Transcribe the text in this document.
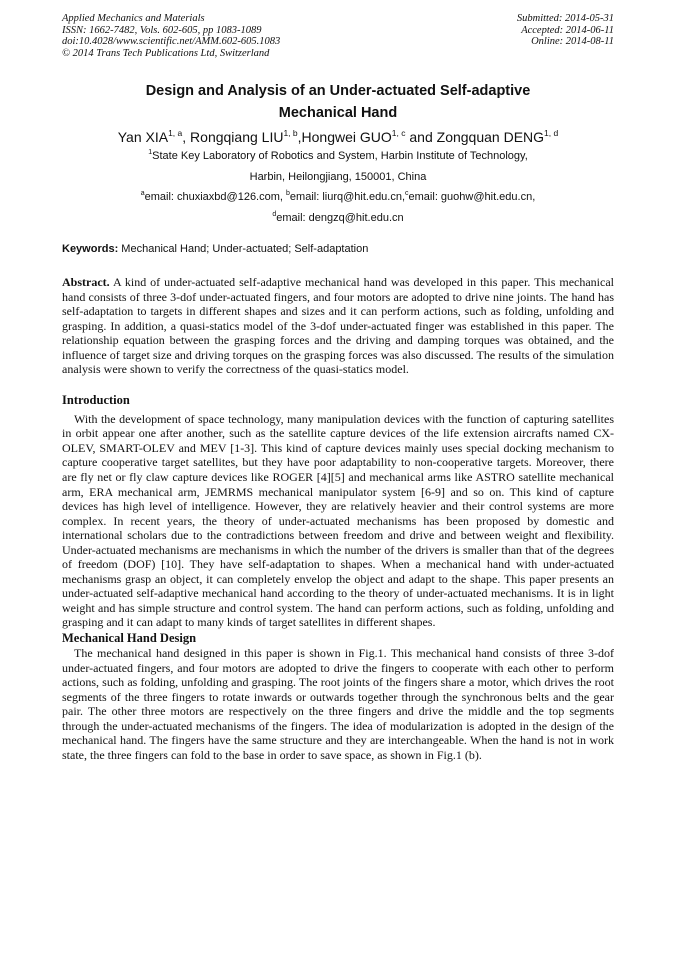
Applied Mechanics and Materials
ISSN: 1662-7482, Vols. 602-605, pp 1083-1089
doi:10.4028/www.scientific.net/AMM.602-605.1083
© 2014 Trans Tech Publications Ltd, Switzerland
Submitted: 2014-05-31
Accepted: 2014-06-11
Online: 2014-08-11
Design and Analysis of an Under-actuated Self-adaptive
Mechanical Hand
Yan XIA$^{1, a}$, Rongqiang LIU$^{1, b}$,Hongwei GUO$^{1, c}$ and Zongquan DENG$^{1, d}$
$^1$State Key Laboratory of Robotics and System, Harbin Institute of Technology,
Harbin, Heilongjiang, 150001, China
$^a$email: chuxiaxbd@126.com, $^b$email: liurq@hit.edu.cn,$^c$email: guohw@hit.edu.cn,
$^d$email: dengzq@hit.edu.cn
Keywords: Mechanical Hand; Under-actuated; Self-adaptation
Abstract. A kind of under-actuated self-adaptive mechanical hand was developed in this paper. This mechanical hand consists of three 3-dof under-actuated fingers, and four motors are adopted to drive nine joints. The hand has self-adaptation to targets in different shapes and sizes and it can perform actions, such as folding, unfolding and grasping. In addition, a quasi-statics model of the 3-dof under-actuated finger was established in this paper. The relationship equation between the grasping forces and the driving and damping torques was obtained, and the influence of target size and driving torques on the grasping forces was also discussed. The results of the simulation analysis were shown to verify the correctness of the quasi-statics model.
Introduction

With the development of space technology, many manipulation devices with the function of capturing satellites in orbit appear one after another, such as the satellite capture devices of the life extension aircrafts named CX-OLEV, SMART-OLEV and MEV [1-3]. This kind of capture devices mainly uses special docking mechanism to capture cooperative target satellites, but they have poor adaptability to non-cooperative targets. Moreover, there are fly net or fly claw capture devices like ROGER [4][5] and mechanical arms like ASTRO satellite mechanical arm, ERA mechanical arm, JEMRMS mechanical manipulator system [6-9] and so on. This kind of capture devices has high level of intelligence. However, they are relatively heavier and their control systems are more complex. In recent years, the theory of under-actuated mechanisms has been proposed by domestic and international scholars due to the contradictions between freedom and drive and between weight and flexibility. Under-actuated mechanisms are mechanisms in which the number of the drivers is smaller than that of the degrees of freedom (DOF) [10]. They have self-adaptation to shapes. When a mechanical hand with under-actuated mechanisms grasp an object, it can completely envelop the object and adapt to the shape. This paper presents an under-actuated self-adaptive mechanical hand according to the theory of under-actuated mechanisms. It is in light weight and has simple structure and control system. The hand can perform actions, such as folding, unfolding and grasping and it can adapt to many kinds of target satellites in different shapes.

Mechanical Hand Design

The mechanical hand designed in this paper is shown in Fig.1. This mechanical hand consists of three 3-dof under-actuated fingers, and four motors are adopted to drive the fingers to cooperate with each other to perform actions, such as folding, unfolding and grasping. The root joints of the fingers share a motor, which drives the root segments of the three fingers to rotate inwards or outwards together through the synchronous belts and the gear pair. The other three motors are respectively on the three fingers and drive the middle and the top segments through the under-actuated mechanisms of the fingers. The idea of modularization is adopted in the design of the mechanical hand. The fingers have the same structure and they are interchangeable. When the hand is not in work state, the three fingers can fold to the base in order to save space, as shown in Fig.1 (b).
